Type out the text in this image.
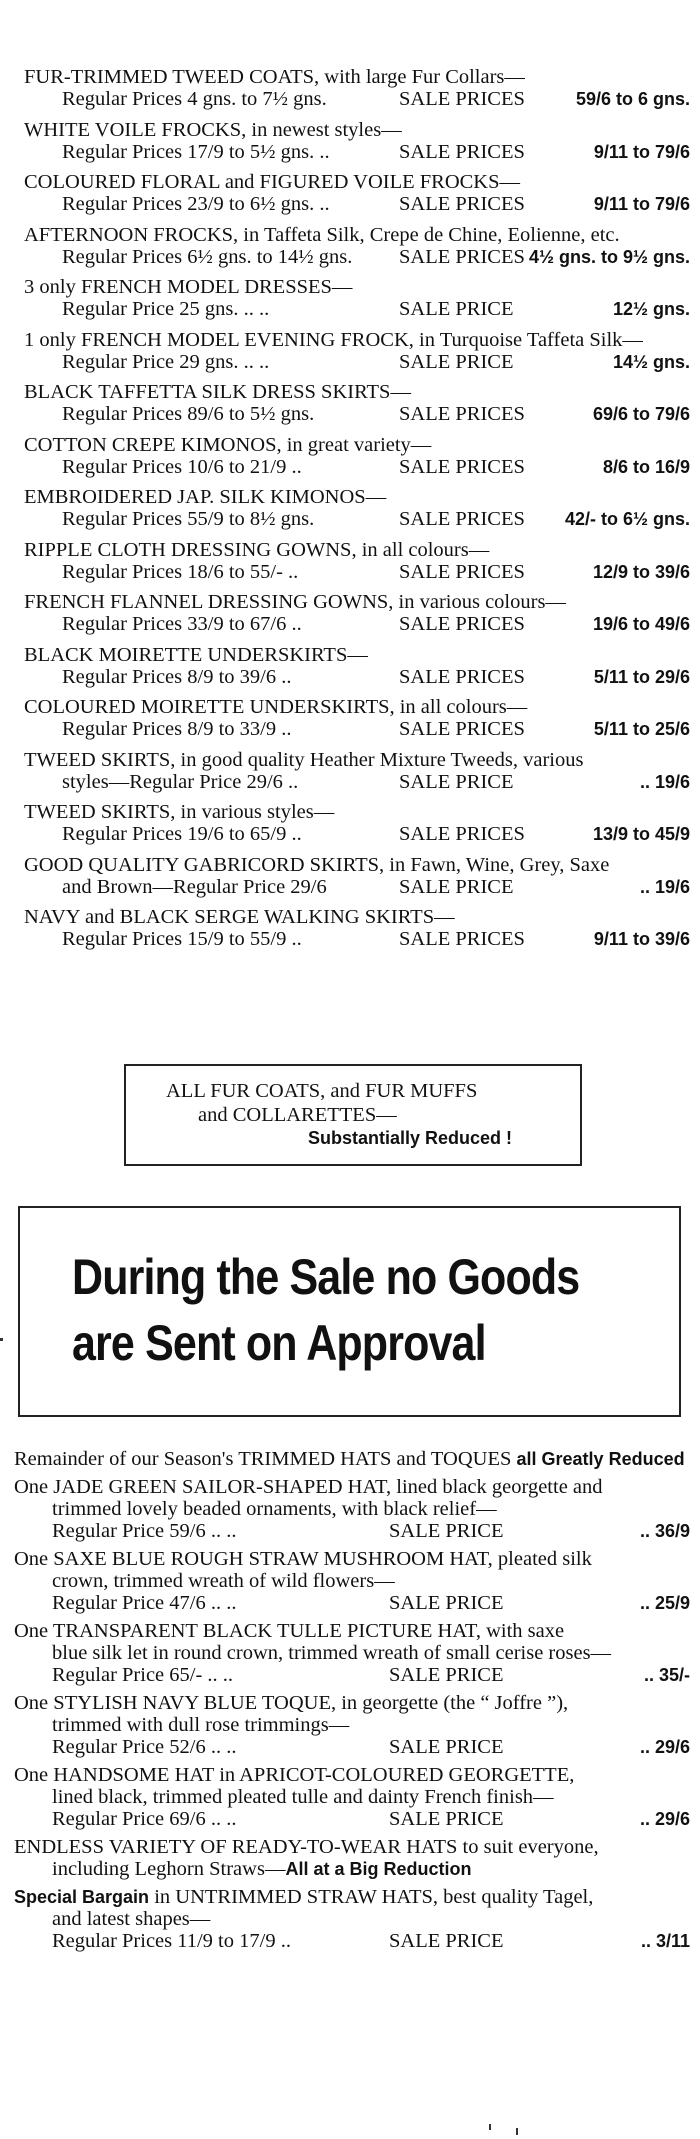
FUR-TRIMMED TWEED COATS, with large Fur Collars—
Regular Prices 4 gns. to 7½ gns.	SALE PRICES	59/6 to 6 gns.
WHITE VOILE FROCKS, in newest styles—
Regular Prices 17/9 to 5½ gns. ..	SALE PRICES	9/11 to 79/6
COLOURED FLORAL and FIGURED VOILE FROCKS—
Regular Prices 23/9 to 6½ gns. ..	SALE PRICES	9/11 to 79/6
AFTERNOON FROCKS, in Taffeta Silk, Crepe de Chine, Eolienne, etc.
Regular Prices 6½ gns. to 14½ gns. SALE PRICES 4½ gns. to 9½ gns.
3 only FRENCH MODEL DRESSES—
Regular Price 25 gns. .. ..	SALE PRICE	12½ gns.
1 only FRENCH MODEL EVENING FROCK, in Turquoise Taffeta Silk—
Regular Price 29 gns. .. ..	SALE PRICE	14½ gns.
BLACK TAFFETTA SILK DRESS SKIRTS—
Regular Prices 89/6 to 5½ gns.	SALE PRICES	69/6 to 79/6
COTTON CREPE KIMONOS, in great variety—
Regular Prices 10/6 to 21/9 ..	SALE PRICES	8/6 to 16/9
EMBROIDERED JAP. SILK KIMONOS—
Regular Prices 55/9 to 8½ gns.	SALE PRICES 42/- to 6½ gns.
RIPPLE CLOTH DRESSING GOWNS, in all colours—
Regular Prices 18/6 to 55/- ..	SALE PRICES	12/9 to 39/6
FRENCH FLANNEL DRESSING GOWNS, in various colours—
Regular Prices 33/9 to 67/6 ..	SALE PRICES	19/6 to 49/6
BLACK MOIRETTE UNDERSKIRTS—
Regular Prices 8/9 to 39/6 ..	SALE PRICES	5/11 to 29/6
COLOURED MOIRETTE UNDERSKIRTS, in all colours—
Regular Prices 8/9 to 33/9 ..	SALE PRICES	5/11 to 25/6
TWEED SKIRTS, in good quality Heather Mixture Tweeds, various
styles—Regular Price 29/6 ..	SALE PRICE	.. 19/6
TWEED SKIRTS, in various styles—
Regular Prices 19/6 to 65/9 ..	SALE PRICES	13/9 to 45/9
GOOD QUALITY GABRICORD SKIRTS, in Fawn, Wine, Grey, Saxe
and Brown—Regular Price 29/6	SALE PRICE	.. 19/6
NAVY and BLACK SERGE WALKING SKIRTS—
Regular Prices 15/9 to 55/9 ..	SALE PRICES	9/11 to 39/6
ALL FUR COATS, and FUR MUFFS
and COLLARETTES—
Substantially Reduced !
During the Sale no Goods
are Sent on Approval
Remainder of our Season's TRIMMED HATS and TOQUES all Greatly Reduced
One JADE GREEN SAILOR-SHAPED HAT, lined black georgette and
trimmed lovely beaded ornaments, with black relief—
Regular Price 59/6 .. ..	SALE PRICE	.. 36/9
One SAXE BLUE ROUGH STRAW MUSHROOM HAT, pleated silk
crown, trimmed wreath of wild flowers—
Regular Price 47/6 .. ..	SALE PRICE	.. 25/9
One TRANSPARENT BLACK TULLE PICTURE HAT, with saxe
blue silk let in round crown, trimmed wreath of small cerise roses—
Regular Price 65/- .. ..	SALE PRICE	.. 35/-
One STYLISH NAVY BLUE TOQUE, in georgette (the “ Joffre ”),
trimmed with dull rose trimmings—
Regular Price 52/6 .. ..	SALE PRICE	.. 29/6
One HANDSOME HAT in APRICOT-COLOURED GEORGETTE,
lined black, trimmed pleated tulle and dainty French finish—
Regular Price 69/6 .. ..	SALE PRICE	.. 29/6
ENDLESS VARIETY OF READY-TO-WEAR HATS to suit everyone,
including Leghorn Straws—All at a Big Reduction
Special Bargain in UNTRIMMED STRAW HATS, best quality Tagel,
and latest shapes—
Regular Prices 11/9 to 17/9 ..	SALE PRICE	.. 3/11
